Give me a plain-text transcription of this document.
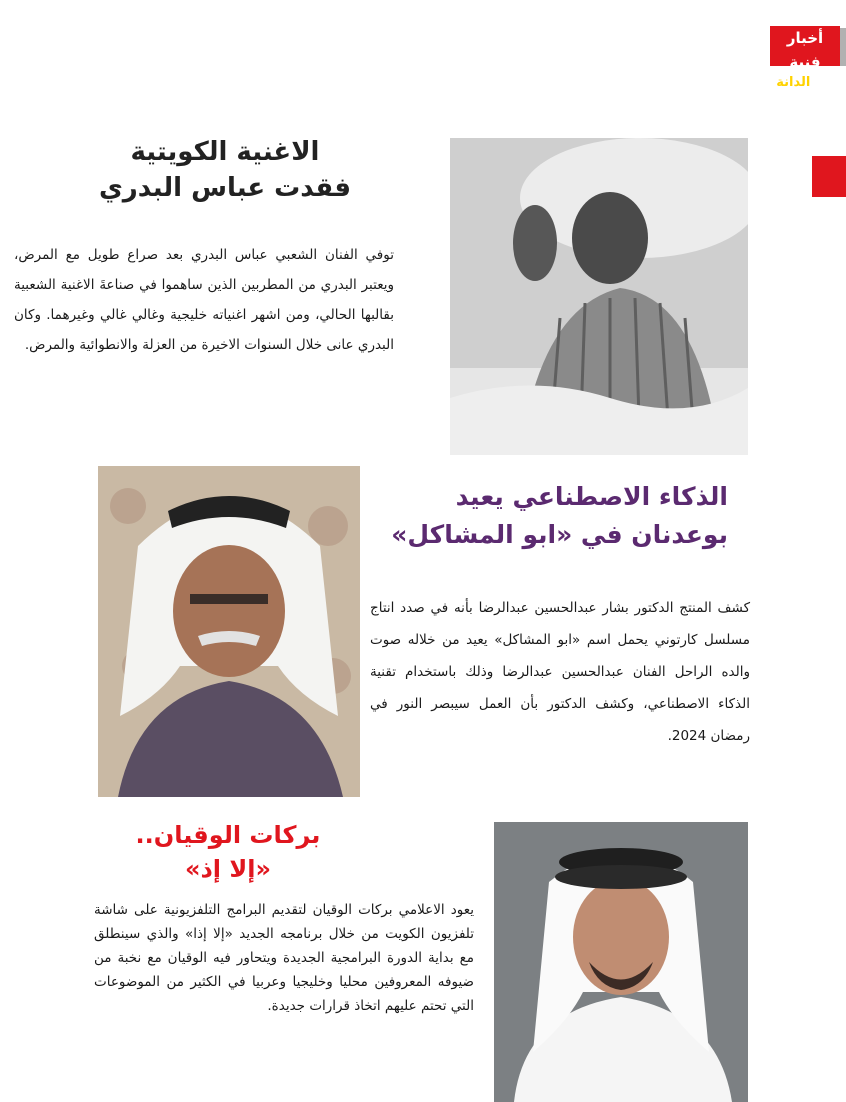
أخبار فنية
الدانة 34
الاغنية الكويتية
فقدت عباس البدري

توفي الفنان الشعبي عباس البدري بعد صراع طويل مع المرض، ويعتبر البدري من المطربين الذين ساهموا في صناعةَ الاغنية الشعبية بقالبها الحالي، ومن اشهر اغنياته خليجية وغالي غالي وغيرهما. وكان البدري عانى خلال السنوات الاخيرة من العزلة والانطوائية والمرض.

الذكاء الاصطناعي يعيد
بوعدنان في «ابو المشاكل»

كشف المنتج الدكتور بشار عبدالحسين عبدالرضا بأنه في صدد انتاج مسلسل كارتوني يحمل اسم «ابو المشاكل» يعيد من خلاله صوت والده الراحل الفنان عبدالحسين عبدالرضا وذلك باستخدام تقنية الذكاء الاصطناعي، وكشف الدكتور بأن العمل سيبصر النور في رمضان 2024.

بركات الوقيان..
«إلا إذ»

يعود الاعلامي بركات الوقيان لتقديم البرامج التلفزيونية على شاشة تلفزيون الكويت من خلال برنامجه الجديد «إلا إذا» والذي سينطلق مع بداية الدورة البرامجية الجديدة ويتحاور فيه الوقيان مع نخبة من ضيوفه المعروفين محليا وخليجيا وعربيا في الكثير من الموضوعات التي تحتم عليهم اتخاذ قرارات جديدة.
